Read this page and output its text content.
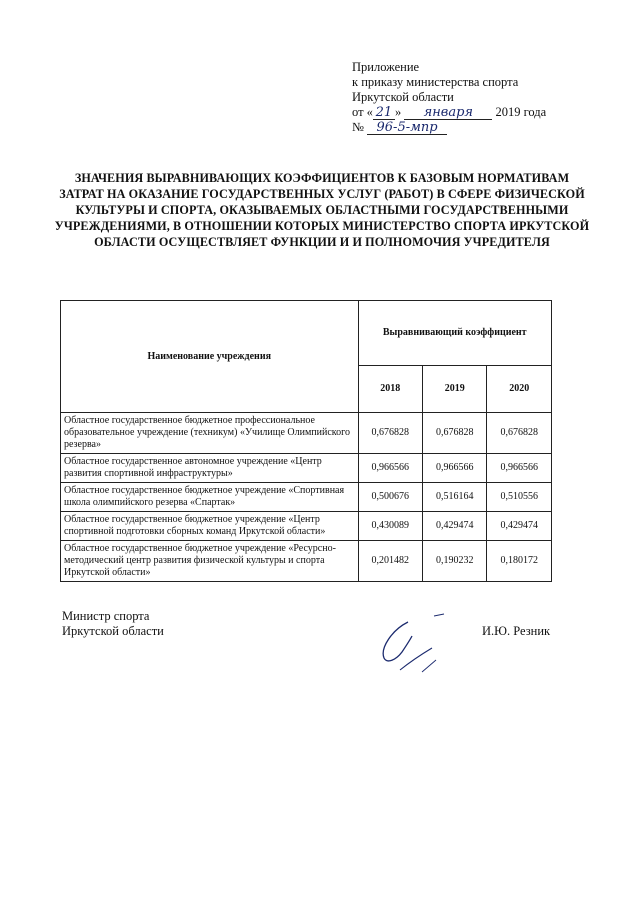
Приложение
к приказу министерства спорта
Иркутской области
от « 21 » января 2019 года
№ 96-5-мпр
ЗНАЧЕНИЯ ВЫРАВНИВАЮЩИХ КОЭФФИЦИЕНТОВ К БАЗОВЫМ НОРМАТИВАМ ЗАТРАТ НА ОКАЗАНИЕ ГОСУДАРСТВЕННЫХ УСЛУГ (РАБОТ) В СФЕРЕ ФИЗИЧЕСКОЙ КУЛЬТУРЫ И СПОРТА, ОКАЗЫВАЕМЫХ ОБЛАСТНЫМИ ГОСУДАРСТВЕННЫМИ УЧРЕЖДЕНИЯМИ, В ОТНОШЕНИИ КОТОРЫХ МИНИСТЕРСТВО СПОРТА ИРКУТСКОЙ ОБЛАСТИ ОСУЩЕСТВЛЯЕТ ФУНКЦИИ И И ПОЛНОМОЧИЯ УЧРЕДИТЕЛЯ
Наименование учреждения	Выравнивающий коэффициент		
	2018	2019	2020
Областное государственное бюджетное профессиональное образовательное учреждение (техникум) «Училище Олимпийского резерва»	0,676828	0,676828	0,676828
Областное государственное автономное учреждение «Центр развития спортивной инфраструктуры»	0,966566	0,966566	0,966566
Областное государственное бюджетное учреждение «Спортивная школа олимпийского резерва «Спартак»	0,500676	0,516164	0,510556
Областное государственное бюджетное учреждение «Центр спортивной подготовки сборных команд Иркутской области»	0,430089	0,429474	0,429474
Областное государственное бюджетное учреждение «Ресурсно-методический центр развития физической культуры и спорта Иркутской области»	0,201482	0,190232	0,180172
Министр спорта
Иркутской области	И.Ю. Резник
